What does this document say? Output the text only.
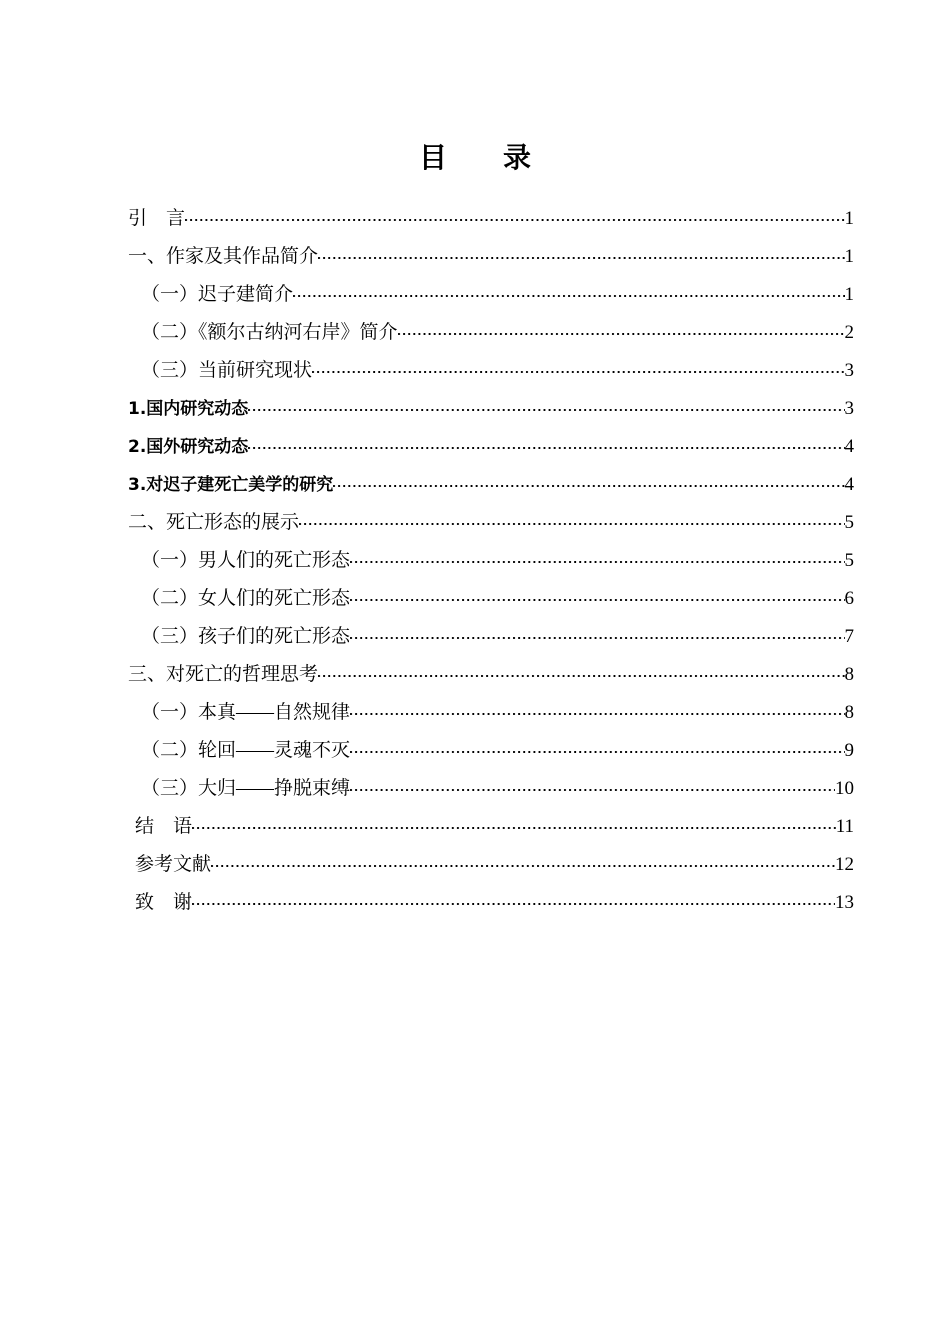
目　　录
引　言	1
一、作家及其作品简介	1
（一）迟子建简介	1
（二）《额尔古纳河右岸》简介	2
（三）当前研究现状	3
1.国内研究动态	3
2.国外研究动态	4
3.对迟子建死亡美学的研究	4
二、死亡形态的展示	5
（一）男人们的死亡形态	5
（二）女人们的死亡形态	6
（三）孩子们的死亡形态	7
三、对死亡的哲理思考	8
（一）本真——自然规律	8
（二）轮回——灵魂不灭	9
（三）大归——挣脱束缚	10
结　语	11
参考文献	12
致　谢	13
